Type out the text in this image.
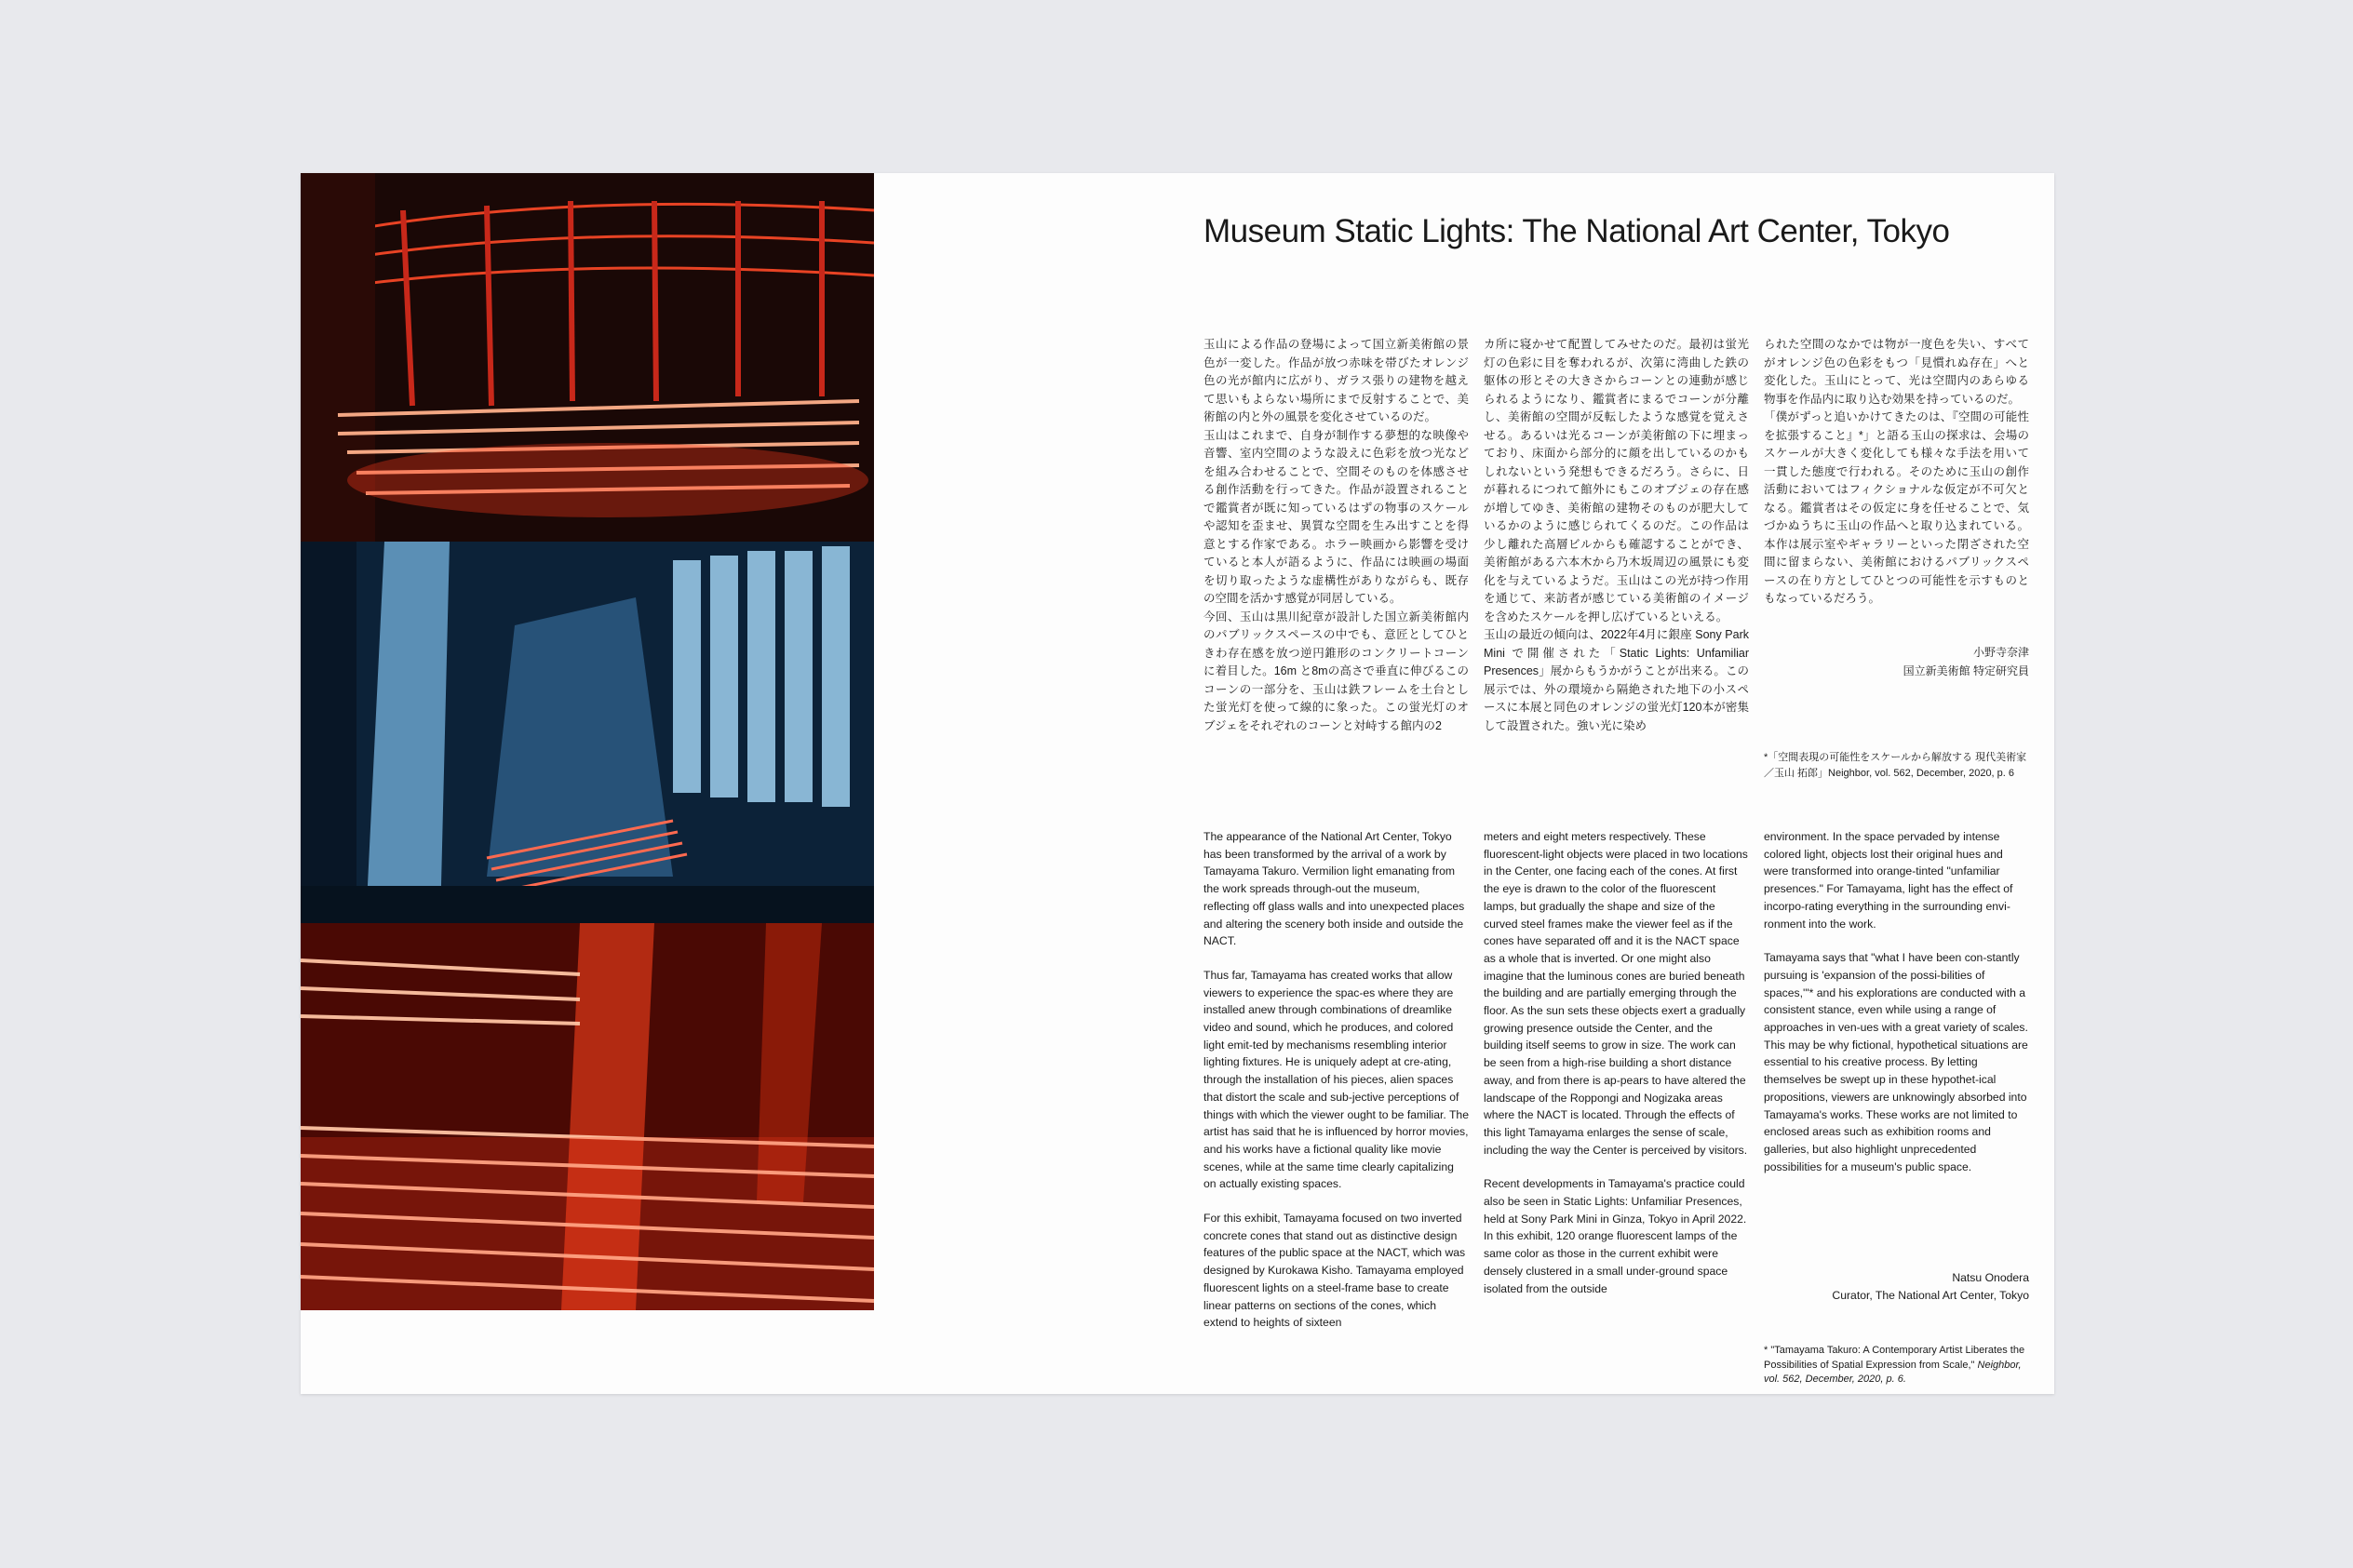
Museum Static Lights: The National Art Center, Tokyo

玉山による作品の登場によって国立新美術館の景色が一変した。作品が放つ赤味を帯びたオレンジ色の光が館内に広がり、ガラス張りの建物を越えて思いもよらない場所にまで反射することで、美術館の内と外の風景を変化させているのだ。

玉山はこれまで、自身が制作する夢想的な映像や音響、室内空間のような設えに色彩を放つ光などを組み合わせることで、空間そのものを体感させる創作活動を行ってきた。作品が設置されることで鑑賞者が既に知っているはずの物事のスケールや認知を歪ませ、異質な空間を生み出すことを得意とする作家である。ホラー映画から影響を受けていると本人が語るように、作品には映画の場面を切り取ったような虚構性がありながらも、既存の空間を活かす感覚が同居している。

今回、玉山は黒川紀章が設計した国立新美術館内のパブリックスペースの中でも、意匠としてひときわ存在感を放つ逆円錐形のコンクリートコーンに着目した。16m と8mの高さで垂直に伸びるこのコーンの一部分を、玉山は鉄フレームを土台とした蛍光灯を使って線的に象った。この蛍光灯のオブジェをそれぞれのコーンと対峙する館内の2

カ所に寝かせて配置してみせたのだ。最初は蛍光灯の色彩に目を奪われるが、次第に湾曲した鉄の躯体の形とその大きさからコーンとの連動が感じられるようになり、鑑賞者にまるでコーンが分離し、美術館の空間が反転したような感覚を覚えさせる。あるいは光るコーンが美術館の下に埋まっており、床面から部分的に顔を出しているのかもしれないという発想もできるだろう。さらに、日が暮れるにつれて館外にもこのオブジェの存在感が増してゆき、美術館の建物そのものが肥大しているかのように感じられてくるのだ。この作品は少し離れた高層ビルからも確認することができ、美術館がある六本木から乃木坂周辺の風景にも変化を与えているようだ。玉山はこの光が持つ作用を通じて、来訪者が感じている美術館のイメージを含めたスケールを押し広げているといえる。

玉山の最近の傾向は、2022年4月に銀座 Sony Park Mini で開催された「Static Lights: Unfamiliar Presences」展からもうかがうことが出来る。この展示では、外の環境から隔絶された地下の小スペースに本展と同色のオレンジの蛍光灯120本が密集して設置された。強い光に染め

られた空間のなかでは物が一度色を失い、すべてがオレンジ色の色彩をもつ「見慣れぬ存在」へと変化した。玉山にとって、光は空間内のあらゆる物事を作品内に取り込む効果を持っているのだ。

「僕がずっと追いかけてきたのは、『空間の可能性を拡張すること』*」と語る玉山の探求は、会場のスケールが大きく変化しても様々な手法を用いて一貫した態度で行われる。そのために玉山の創作活動においてはフィクショナルな仮定が不可欠となる。鑑賞者はその仮定に身を任せることで、気づかぬうちに玉山の作品へと取り込まれている。本作は展示室やギャラリーといった閉ざされた空間に留まらない、美術館におけるパブリックスペースの在り方としてひとつの可能性を示すものともなっているだろう。

小野寺奈津
国立新美術館 特定研究員
*「空間表現の可能性をスケールから解放する 現代美術家／玉山 拓郎」Neighbor, vol. 562, December, 2020, p. 6

The appearance of the National Art Center, Tokyo has been transformed by the arrival of a work by Tamayama Takuro. Vermilion light emanating from the work spreads through-out the museum, reflecting off glass walls and into unexpected places and altering the scenery both inside and outside the NACT.

Thus far, Tamayama has created works that allow viewers to experience the spac-es where they are installed anew through combinations of dreamlike video and sound, which he produces, and colored light emit-ted by mechanisms resembling interior lighting fixtures. He is uniquely adept at cre-ating, through the installation of his pieces, alien spaces that distort the scale and sub-jective perceptions of things with which the viewer ought to be familiar. The artist has said that he is influenced by horror movies, and his works have a fictional quality like movie scenes, while at the same time clearly capitalizing on actually existing spaces.

For this exhibit, Tamayama focused on two inverted concrete cones that stand out as distinctive design features of the public space at the NACT, which was designed by Kurokawa Kisho. Tamayama employed fluorescent lights on a steel-frame base to create linear patterns on sections of the cones, which extend to heights of sixteen

meters and eight meters respectively. These fluorescent-light objects were placed in two locations in the Center, one facing each of the cones. At first the eye is drawn to the color of the fluorescent lamps, but gradually the shape and size of the curved steel frames make the viewer feel as if the cones have separated off and it is the NACT space as a whole that is inverted. Or one might also imagine that the luminous cones are buried beneath the building and are partially emerging through the floor. As the sun sets these objects exert a gradually growing presence outside the Center, and the building itself seems to grow in size. The work can be seen from a high-rise building a short distance away, and from there is ap-pears to have altered the landscape of the Roppongi and Nogizaka areas where the NACT is located. Through the effects of this light Tamayama enlarges the sense of scale, including the way the Center is perceived by visitors.

Recent developments in Tamayama's practice could also be seen in Static Lights: Unfamiliar Presences, held at Sony Park Mini in Ginza, Tokyo in April 2022. In this exhibit, 120 orange fluorescent lamps of the same color as those in the current exhibit were densely clustered in a small under-ground space isolated from the outside

environment. In the space pervaded by intense colored light, objects lost their original hues and were transformed into orange-tinted "unfamiliar presences." For Tamayama, light has the effect of incorpo-rating everything in the surrounding envi-ronment into the work.

Tamayama says that "what I have been con-stantly pursuing is 'expansion of the possi-bilities of spaces,'"* and his explorations are conducted with a consistent stance, even while using a range of approaches in ven-ues with a great variety of scales. This may be why fictional, hypothetical situations are essential to his creative process. By letting themselves be swept up in these hypothet-ical propositions, viewers are unknowingly absorbed into Tamayama's works. These works are not limited to enclosed areas such as exhibition rooms and galleries, but also highlight unprecedented possibilities for a museum's public space.

Natsu Onodera
Curator, The National Art Center, Tokyo
* "Tamayama Takuro: A Contemporary Artist Liberates the Possibilities of Spatial Expression from Scale," Neighbor, vol. 562, December, 2020, p. 6.
